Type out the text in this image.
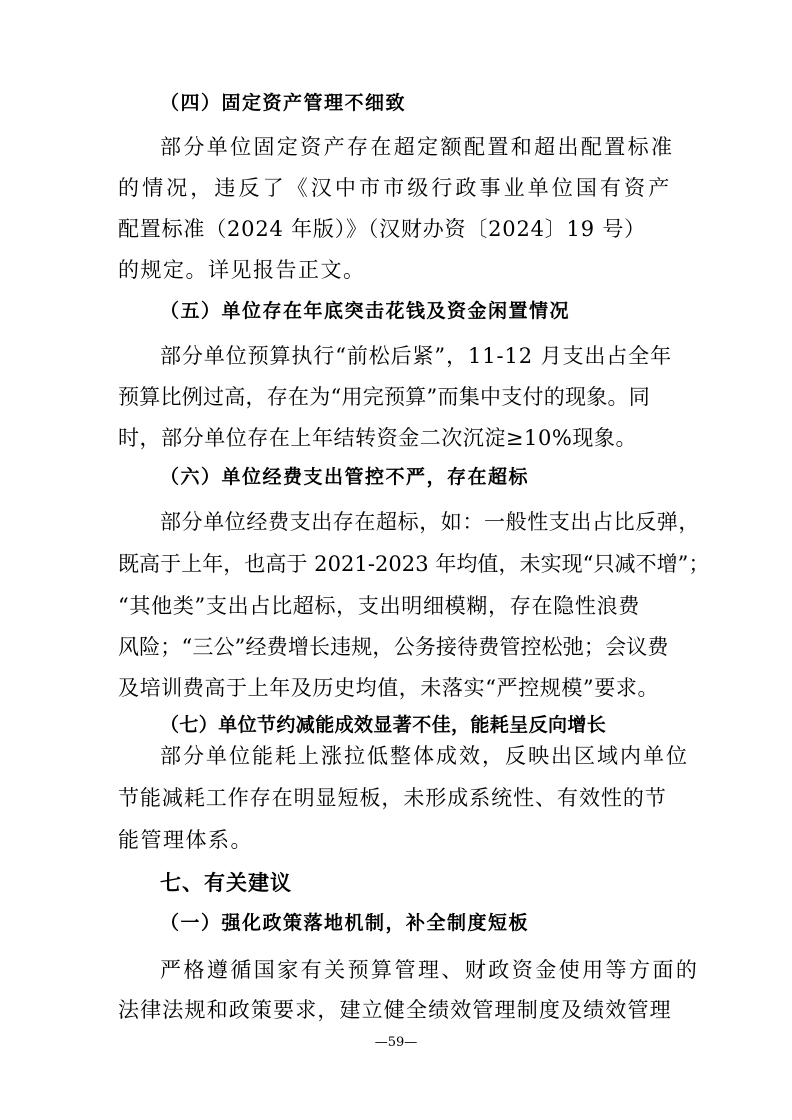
（四）固定资产管理不细致
部分单位固定资产存在超定额配置和超出配置标准
的情况，违反了《汉中市市级行政事业单位国有资产
配置标准（2024 年版）》（汉财办资〔2024〕19 号）
的规定。详见报告正文。
（五）单位存在年底突击花钱及资金闲置情况
部分单位预算执行“前松后紧”，11-12 月支出占全年
预算比例过高，存在为“用完预算”而集中支付的现象。同
时，部分单位存在上年结转资金二次沉淀≥10%现象。
（六）单位经费支出管控不严，存在超标
部分单位经费支出存在超标，如：一般性支出占比反弹，
既高于上年，也高于 2021-2023 年均值，未实现“只减不增”；
“其他类”支出占比超标，支出明细模糊，存在隐性浪费
风险；“三公”经费增长违规，公务接待费管控松弛；会议费
及培训费高于上年及历史均值，未落实“严控规模”要求。
（七）单位节约减能成效显著不佳，能耗呈反向增长
部分单位能耗上涨拉低整体成效，反映出区域内单位
节能减耗工作存在明显短板，未形成系统性、有效性的节
能管理体系。
七、有关建议
（一）强化政策落地机制，补全制度短板
严格遵循国家有关预算管理、财政资金使用等方面的
法律法规和政策要求，建立健全绩效管理制度及绩效管理
—59—
